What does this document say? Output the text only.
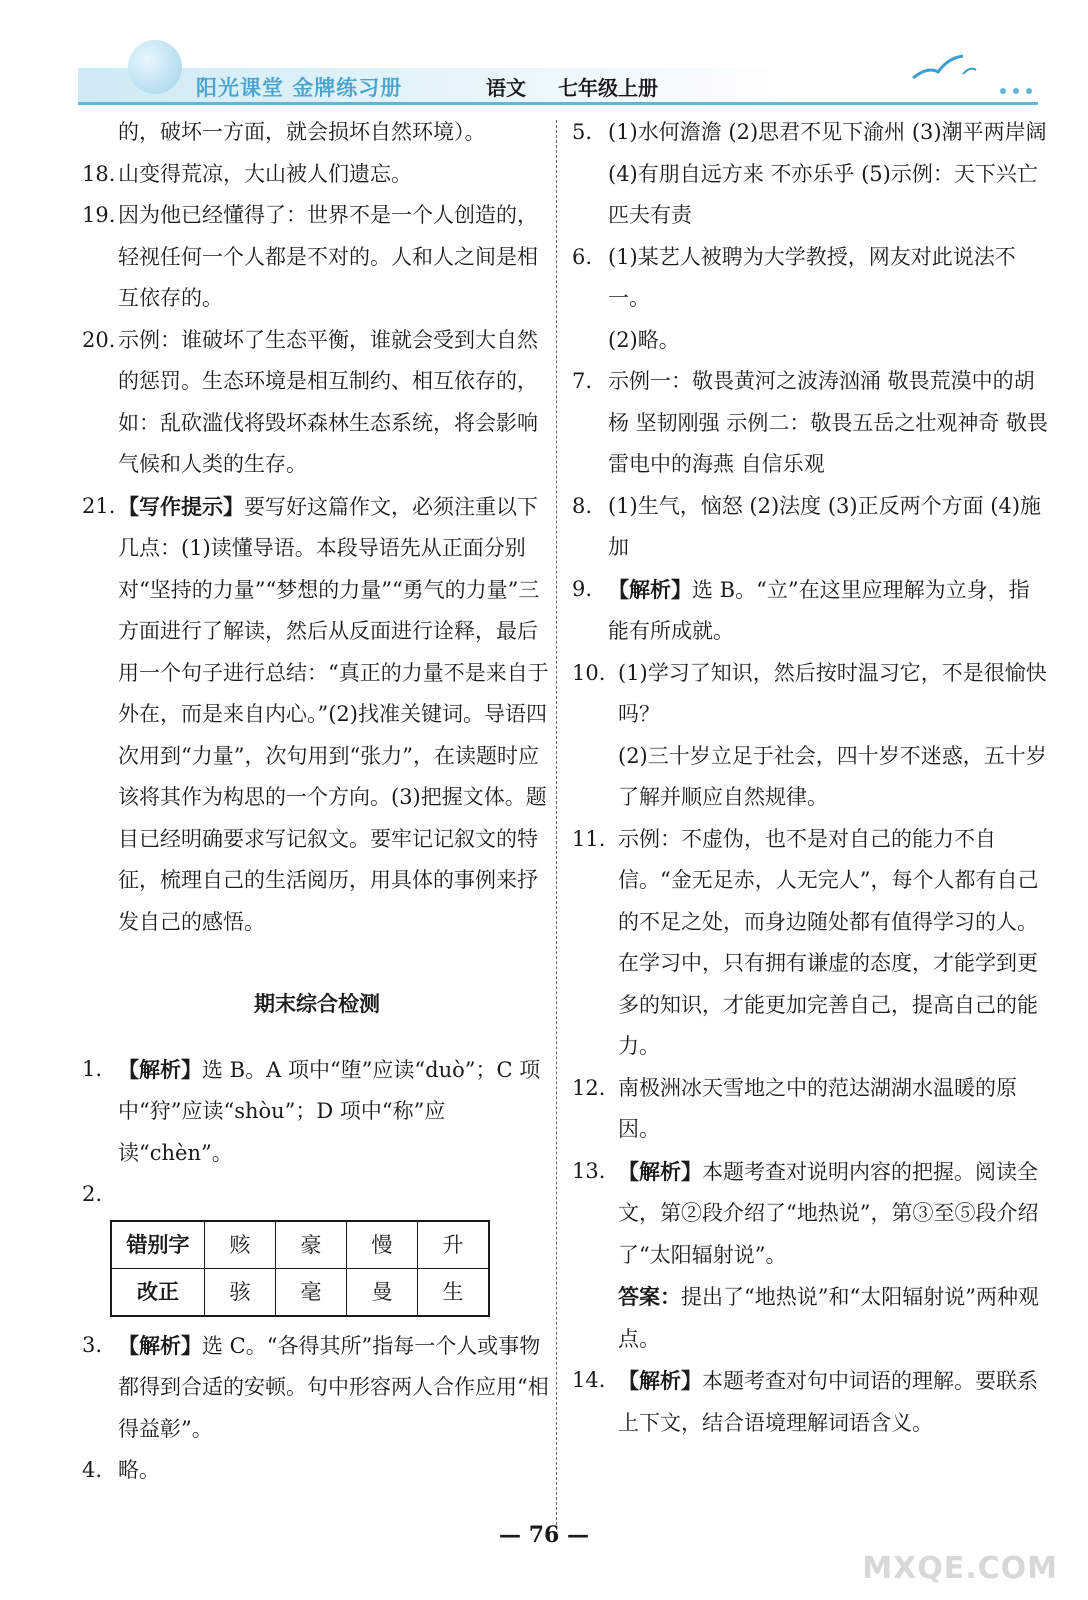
阳光课堂 金牌练习册	语文 七年级上册
的，破坏一方面，就会损坏自然环境）。
18. 山变得荒凉，大山被人们遗忘。
19. 因为他已经懂得了：世界不是一个人创造的，轻视任何一个人都是不对的。人和人之间是相互依存的。
20. 示例：谁破坏了生态平衡，谁就会受到大自然的惩罚。生态环境是相互制约、相互依存的，如：乱砍滥伐将毁坏森林生态系统，将会影响气候和人类的生存。
21. 【写作提示】要写好这篇作文，必须注重以下几点：(1)读懂导语。本段导语先从正面分别对“坚持的力量”“梦想的力量”“勇气的力量”三方面进行了解读，然后从反面进行诠释，最后用一个句子进行总结：“真正的力量不是来自于外在，而是来自内心。”(2)找准关键词。导语四次用到“力量”，次句用到“张力”，在读题时应该将其作为构思的一个方向。(3)把握文体。题目已经明确要求写记叙文。要牢记记叙文的特征，梳理自己的生活阅历，用具体的事例来抒发自己的感悟。
期末综合检测
1. 【解析】选 B。A 项中“堕”应读“duò”；C 项中“狩”应读“shòu”；D 项中“称”应读“chèn”。
2.

错别字	赅	豪	慢	升
改正	骇	毫	曼	生
3. 【解析】选 C。“各得其所”指每一个人或事物都得到合适的安顿。句中形容两人合作应用“相得益彰”。
4. 略。
5. (1)水何澹澹 (2)思君不见下渝州 (3)潮平两岸阔 (4)有朋自远方来 不亦乐乎 (5)示例：天下兴亡 匹夫有责
6. (1)某艺人被聘为大学教授，网友对此说法不一。
(2)略。
7. 示例一：敬畏黄河之波涛汹涌 敬畏荒漠中的胡杨 坚韧刚强 示例二：敬畏五岳之壮观神奇 敬畏雷电中的海燕 自信乐观
8. (1)生气，恼怒 (2)法度 (3)正反两个方面 (4)施加
9. 【解析】选 B。“立”在这里应理解为立身，指能有所成就。
10. (1)学习了知识，然后按时温习它，不是很愉快吗？
(2)三十岁立足于社会，四十岁不迷惑，五十岁了解并顺应自然规律。
11. 示例：不虚伪，也不是对自己的能力不自信。“金无足赤，人无完人”，每个人都有自己的不足之处，而身边随处都有值得学习的人。在学习中，只有拥有谦虚的态度，才能学到更多的知识，才能更加完善自己，提高自己的能力。
12. 南极洲冰天雪地之中的范达湖湖水温暖的原因。
13. 【解析】本题考查对说明内容的把握。阅读全文，第②段介绍了“地热说”，第③至⑤段介绍了“太阳辐射说”。
答案：提出了“地热说”和“太阳辐射说”两种观点。
14. 【解析】本题考查对句中词语的理解。要联系上下文，结合语境理解词语含义。
— 76 —
MXQE.COM
